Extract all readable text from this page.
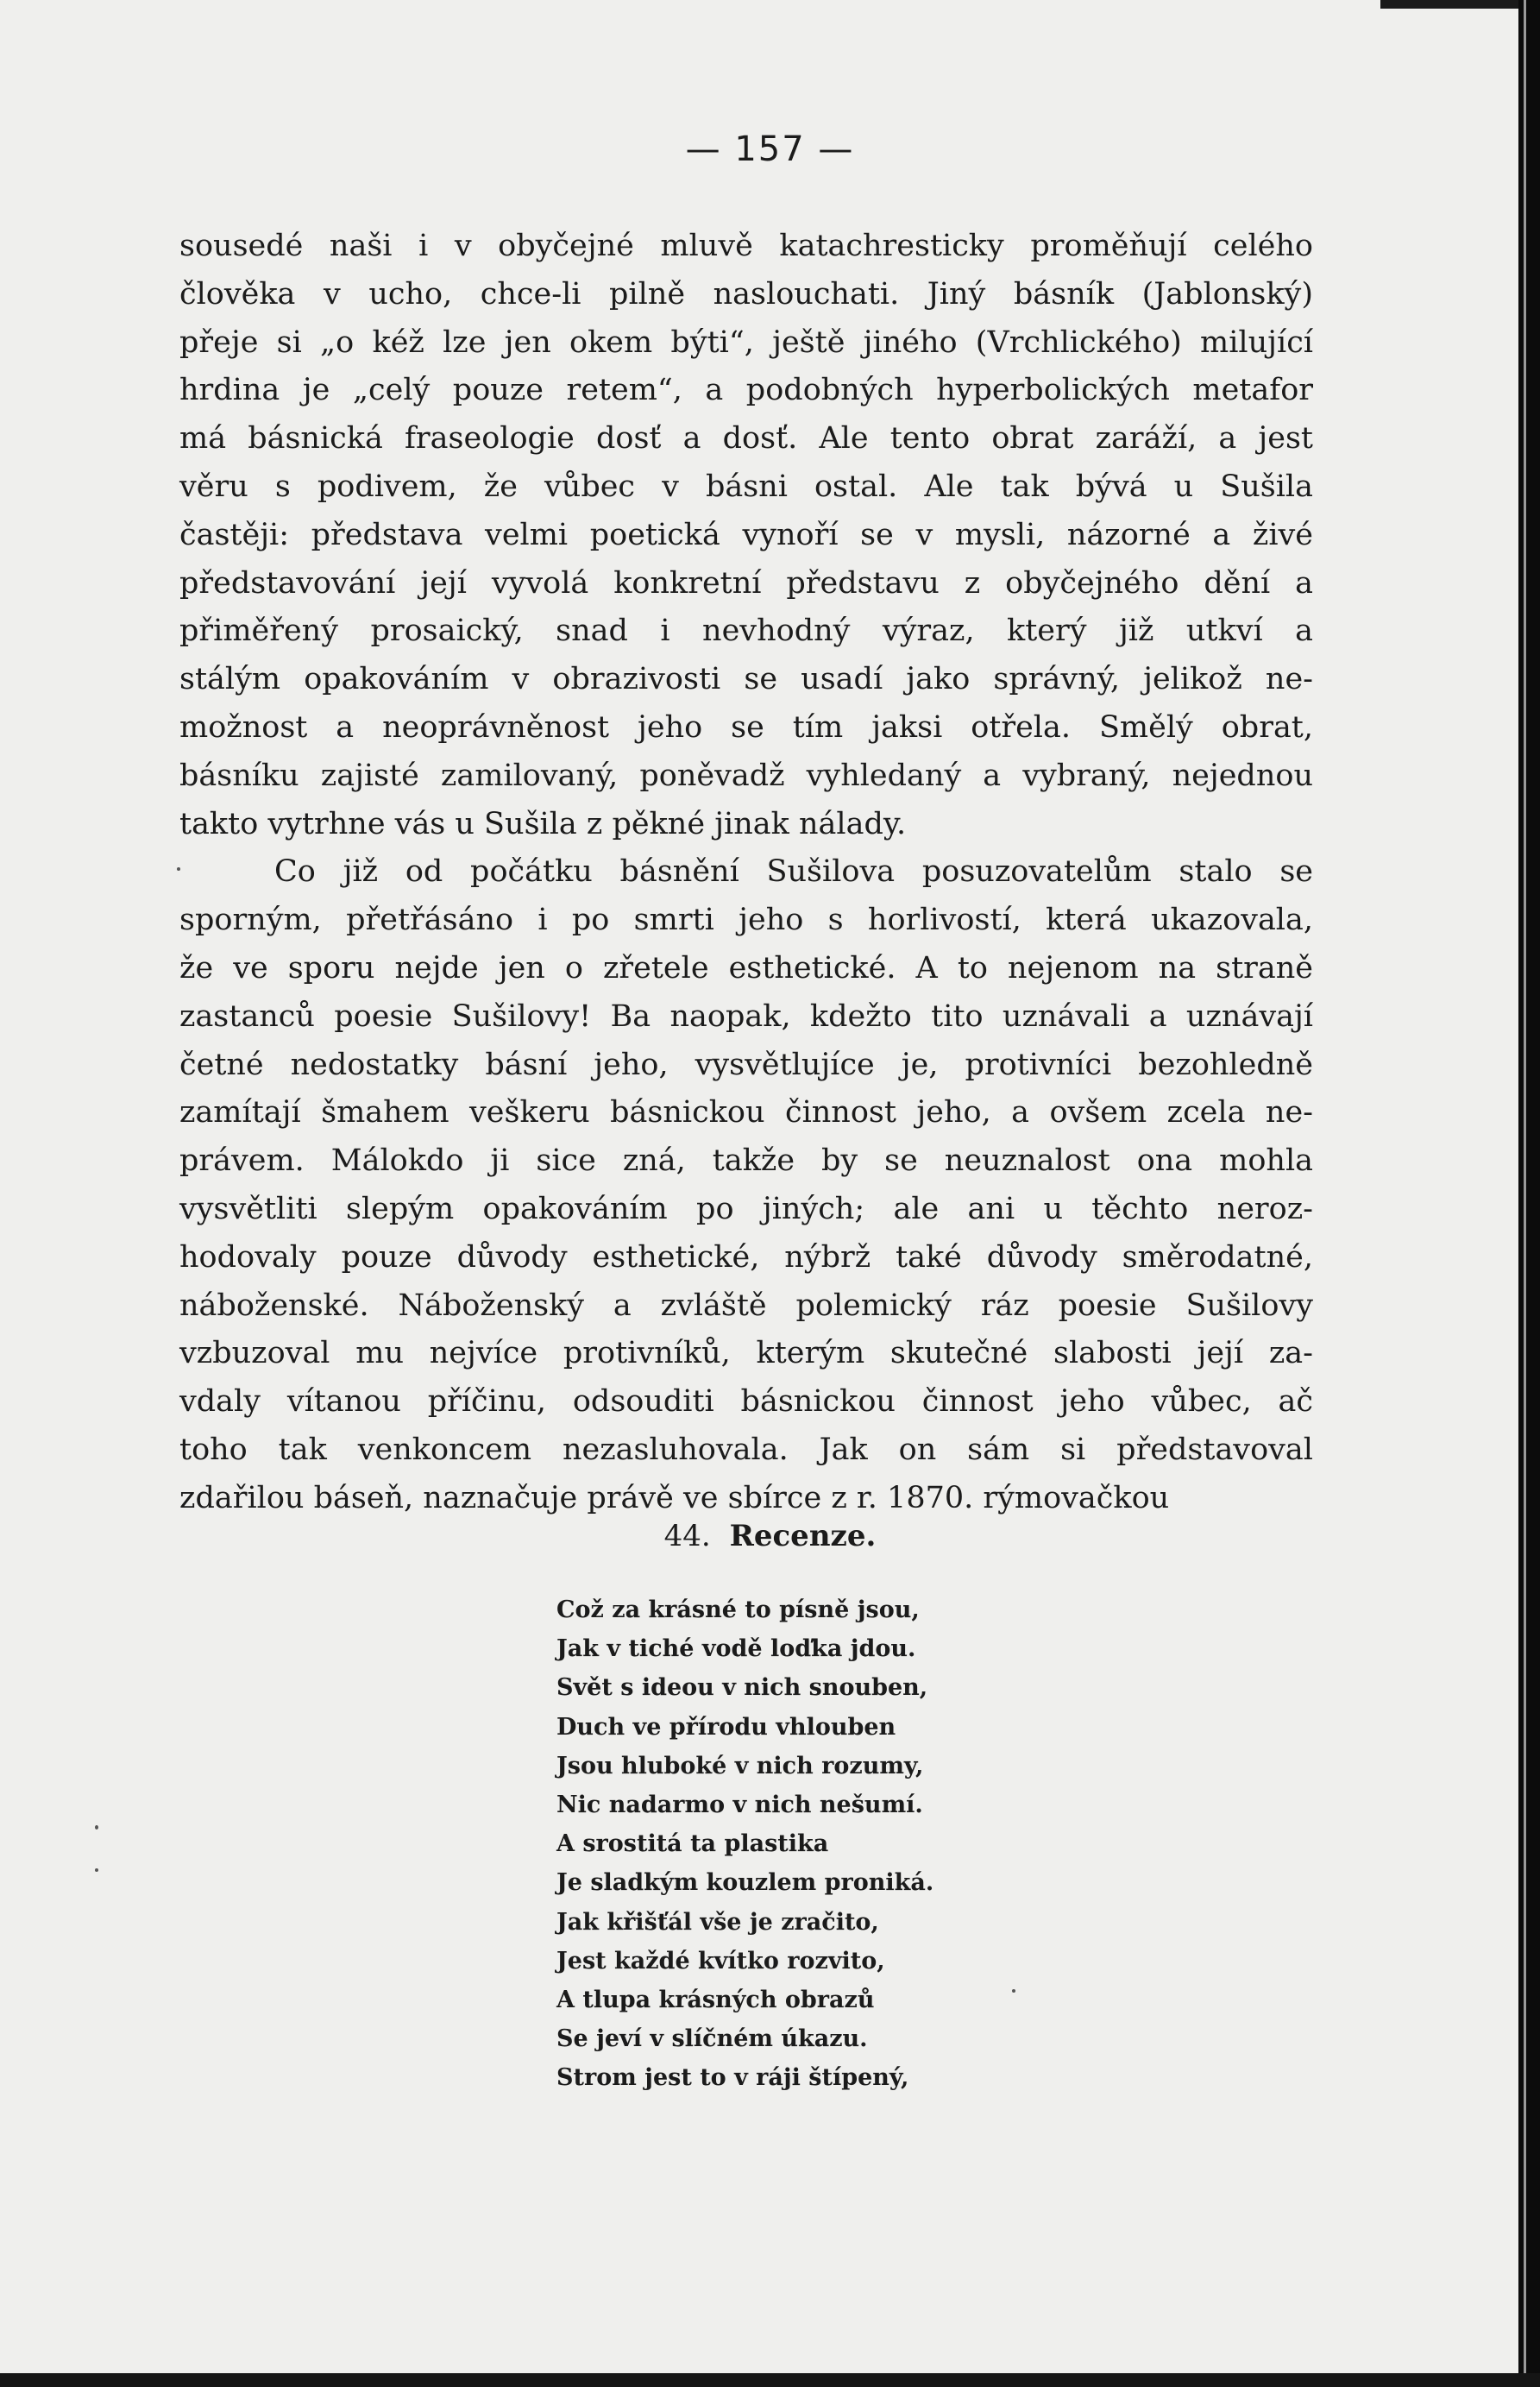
— 157 —
sousedé naši i v obyčejné mluvě katachresticky proměňují celého
člověka v ucho, chce-li pilně naslouchati. Jiný básník (Jablonský)
přeje si „o kéž lze jen okem býti“, ještě jiného (Vrchlického) milující
hrdina je „celý pouze retem“, a podobných hyperbolických metafor
má básnická fraseologie dosť a dosť. Ale tento obrat zaráží, a jest
věru s podivem, že vůbec v básni ostal. Ale tak bývá u Sušila
častěji: představa velmi poetická vynoří se v mysli, názorné a živé
představování její vyvolá konkretní představu z obyčejného dění a
přiměřený prosaický, snad i nevhodný výraz, který již utkví a
stálým opakováním v obrazivosti se usadí jako správný, jelikož ne-
možnost a neoprávněnost jeho se tím jaksi otřela. Smělý obrat,
básníku zajisté zamilovaný, poněvadž vyhledaný a vybraný, nejednou
takto vytrhne vás u Sušila z pěkné jinak nálady.
Co již od počátku básnění Sušilova posuzovatelům stalo se
sporným, přetřásáno i po smrti jeho s horlivostí, která ukazovala,
že ve sporu nejde jen o zřetele esthetické. A to nejenom na straně
zastanců poesie Sušilovy! Ba naopak, kdežto tito uznávali a uznávají
četné nedostatky básní jeho, vysvětlujíce je, protivníci bezohledně
zamítají šmahem veškeru básnickou činnost jeho, a ovšem zcela ne-
právem. Málokdo ji sice zná, takže by se neuznalost ona mohla
vysvětliti slepým opakováním po jiných; ale ani u těchto neroz-
hodovaly pouze důvody esthetické, nýbrž také důvody směrodatné,
náboženské. Náboženský a zvláště polemický ráz poesie Sušilovy
vzbuzoval mu nejvíce protivníků, kterým skutečné slabosti její za-
vdaly vítanou příčinu, odsouditi básnickou činnost jeho vůbec, ač
toho tak venkoncem nezasluhovala. Jak on sám si představoval
zdařilou báseň, naznačuje právě ve sbírce z r. 1870. rýmovačkou
44. Recenze.
Což za krásné to písně jsou,
Jak v tiché vodě loďka jdou.
Svět s ideou v nich snouben,
Duch ve přírodu vhlouben
Jsou hluboké v nich rozumy,
Nic nadarmo v nich nešumí.
A srostitá ta plastika
Je sladkým kouzlem proniká.
Jak křišťál vše je zračito,
Jest každé kvítko rozvito,
A tlupa krásných obrazů
Se jeví v slíčném úkazu.
Strom jest to v ráji štípený,
